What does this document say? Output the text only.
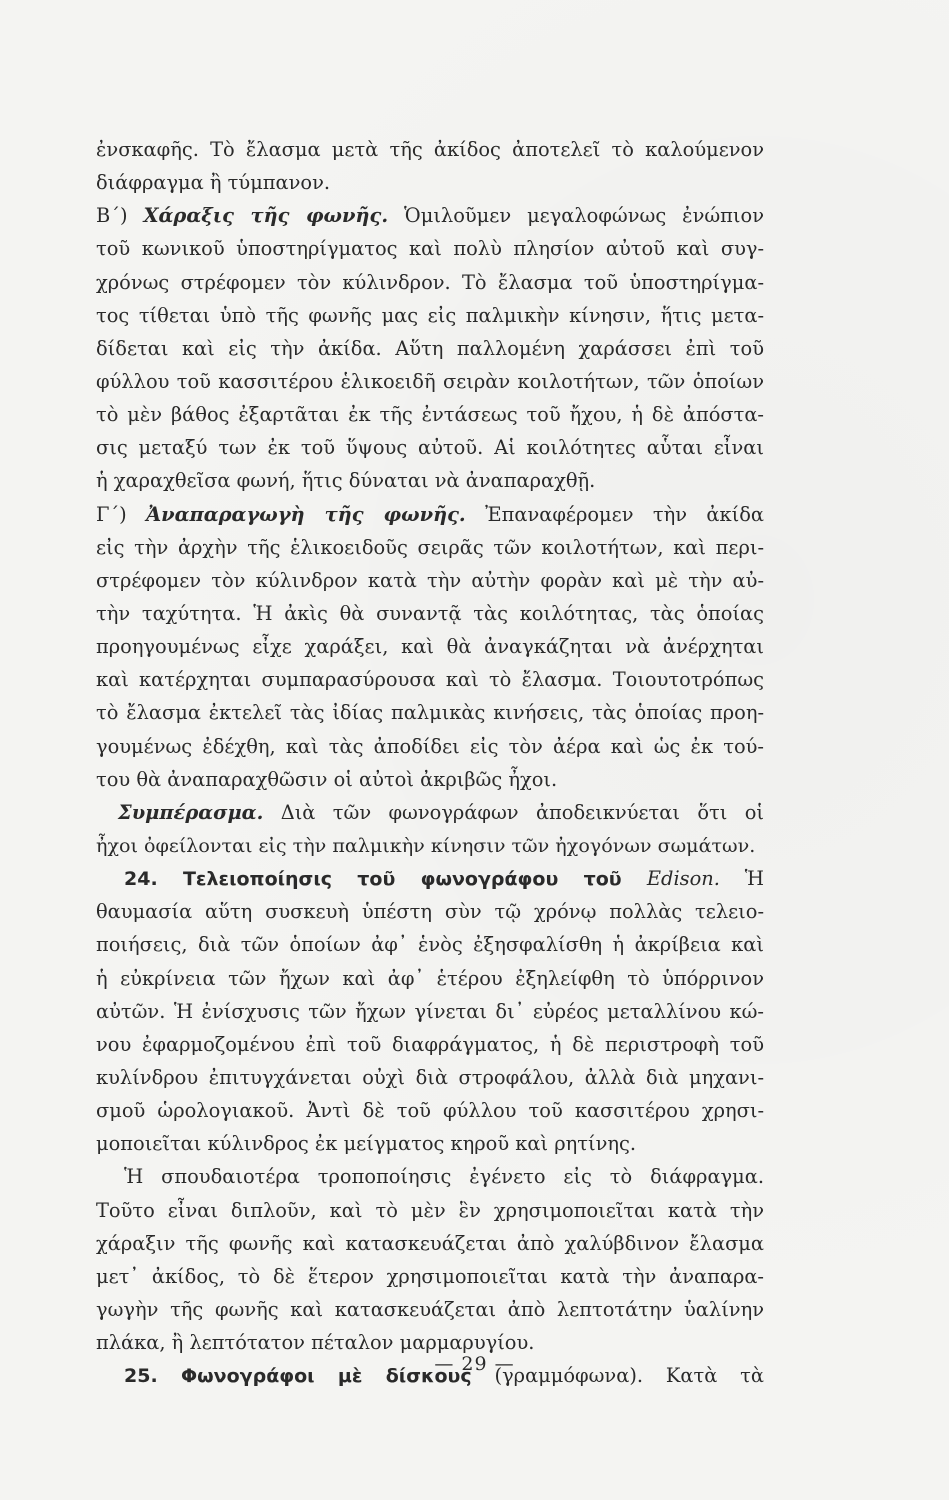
ἐνσκαφῆς. Τὸ ἔλασμα μετὰ τῆς ἀκίδος ἀποτελεῖ τὸ καλούμενον
διάφραγμα ἢ τύμπανον.
Β΄) Χάραξις τῆς φωνῆς. Ὁμιλοῦμεν μεγαλοφώνως ἐνώπιον
τοῦ κωνικοῦ ὑποστηρίγματος καὶ πολὺ πλησίον αὐτοῦ καὶ συγ-
χρόνως στρέφομεν τὸν κύλινδρον. Τὸ ἔλασμα τοῦ ὑποστηρίγμα-
τος τίθεται ὑπὸ τῆς φωνῆς μας εἰς παλμικὴν κίνησιν, ἥτις μετα-
δίδεται καὶ εἰς τὴν ἀκίδα. Αὕτη παλλομένη χαράσσει ἐπὶ τοῦ
φύλλου τοῦ κασσιτέρου ἑλικοειδῆ σειρὰν κοιλοτήτων, τῶν ὁποίων
τὸ μὲν βάθος ἐξαρτᾶται ἐκ τῆς ἐντάσεως τοῦ ἤχου, ἡ δὲ ἀπόστα-
σις μεταξύ των ἐκ τοῦ ὕψους αὐτοῦ. Αἱ κοιλότητες αὗται εἶναι
ἡ χαραχθεῖσα φωνή, ἥτις δύναται νὰ ἀναπαραχθῇ.
Γ΄) Ἀναπαραγωγὴ τῆς φωνῆς. Ἐπαναφέρομεν τὴν ἀκίδα
εἰς τὴν ἀρχὴν τῆς ἑλικοειδοῦς σειρᾶς τῶν κοιλοτήτων, καὶ περι-
στρέφομεν τὸν κύλινδρον κατὰ τὴν αὐτὴν φορὰν καὶ μὲ τὴν αὐ-
τὴν ταχύτητα. Ἡ ἀκὶς θὰ συναντᾷ τὰς κοιλότητας, τὰς ὁποίας
προηγουμένως εἶχε χαράξει, καὶ θὰ ἀναγκάζηται νὰ ἀνέρχηται
καὶ κατέρχηται συμπαρασύρουσα καὶ τὸ ἔλασμα. Τοιουτοτρόπως
τὸ ἔλασμα ἐκτελεῖ τὰς ἰδίας παλμικὰς κινήσεις, τὰς ὁποίας προη-
γουμένως ἐδέχθη, καὶ τὰς ἀποδίδει εἰς τὸν ἀέρα καὶ ὡς ἐκ τού-
του θὰ ἀναπαραχθῶσιν οἱ αὐτοὶ ἀκριβῶς ἦχοι.
Συμπέρασμα. Διὰ τῶν φωνογράφων ἀποδεικνύεται ὅτι οἱ
ἦχοι ὀφείλονται εἰς τὴν παλμικὴν κίνησιν τῶν ἠχογόνων σωμάτων.
24. Τελειοποίησις τοῦ φωνογράφου τοῦ Edison. Ἡ
θαυμασία αὕτη συσκευὴ ὑπέστη σὺν τῷ χρόνῳ πολλὰς τελειο-
ποιήσεις, διὰ τῶν ὁποίων ἀφ᾽ ἑνὸς ἐξησφαλίσθη ἡ ἀκρίβεια καὶ
ἡ εὐκρίνεια τῶν ἤχων καὶ ἀφ᾽ ἑτέρου ἐξηλείφθη τὸ ὑπόρρινον
αὐτῶν. Ἡ ἐνίσχυσις τῶν ἤχων γίνεται δι᾽ εὐρέος μεταλλίνου κώ-
νου ἐφαρμοζομένου ἐπὶ τοῦ διαφράγματος, ἡ δὲ περιστροφὴ τοῦ
κυλίνδρου ἐπιτυγχάνεται οὐχὶ διὰ στροφάλου, ἀλλὰ διὰ μηχανι-
σμοῦ ὡρολογιακοῦ. Ἀντὶ δὲ τοῦ φύλλου τοῦ κασσιτέρου χρησι-
μοποιεῖται κύλινδρος ἐκ μείγματος κηροῦ καὶ ρητίνης.
Ἡ σπουδαιοτέρα τροποποίησις ἐγένετο εἰς τὸ διάφραγμα.
Τοῦτο εἶναι διπλοῦν, καὶ τὸ μὲν ἓν χρησιμοποιεῖται κατὰ τὴν
χάραξιν τῆς φωνῆς καὶ κατασκευάζεται ἀπὸ χαλύβδινον ἔλασμα
μετ᾽ ἀκίδος, τὸ δὲ ἕτερον χρησιμοποιεῖται κατὰ τὴν ἀναπαρα-
γωγὴν τῆς φωνῆς καὶ κατασκευάζεται ἀπὸ λεπτοτάτην ὑαλίνην
πλάκα, ἢ λεπτότατον πέταλον μαρμαρυγίου.
25. Φωνογράφοι μὲ δίσκους (γραμμόφωνα). Κατὰ τὰ
— 29 —
